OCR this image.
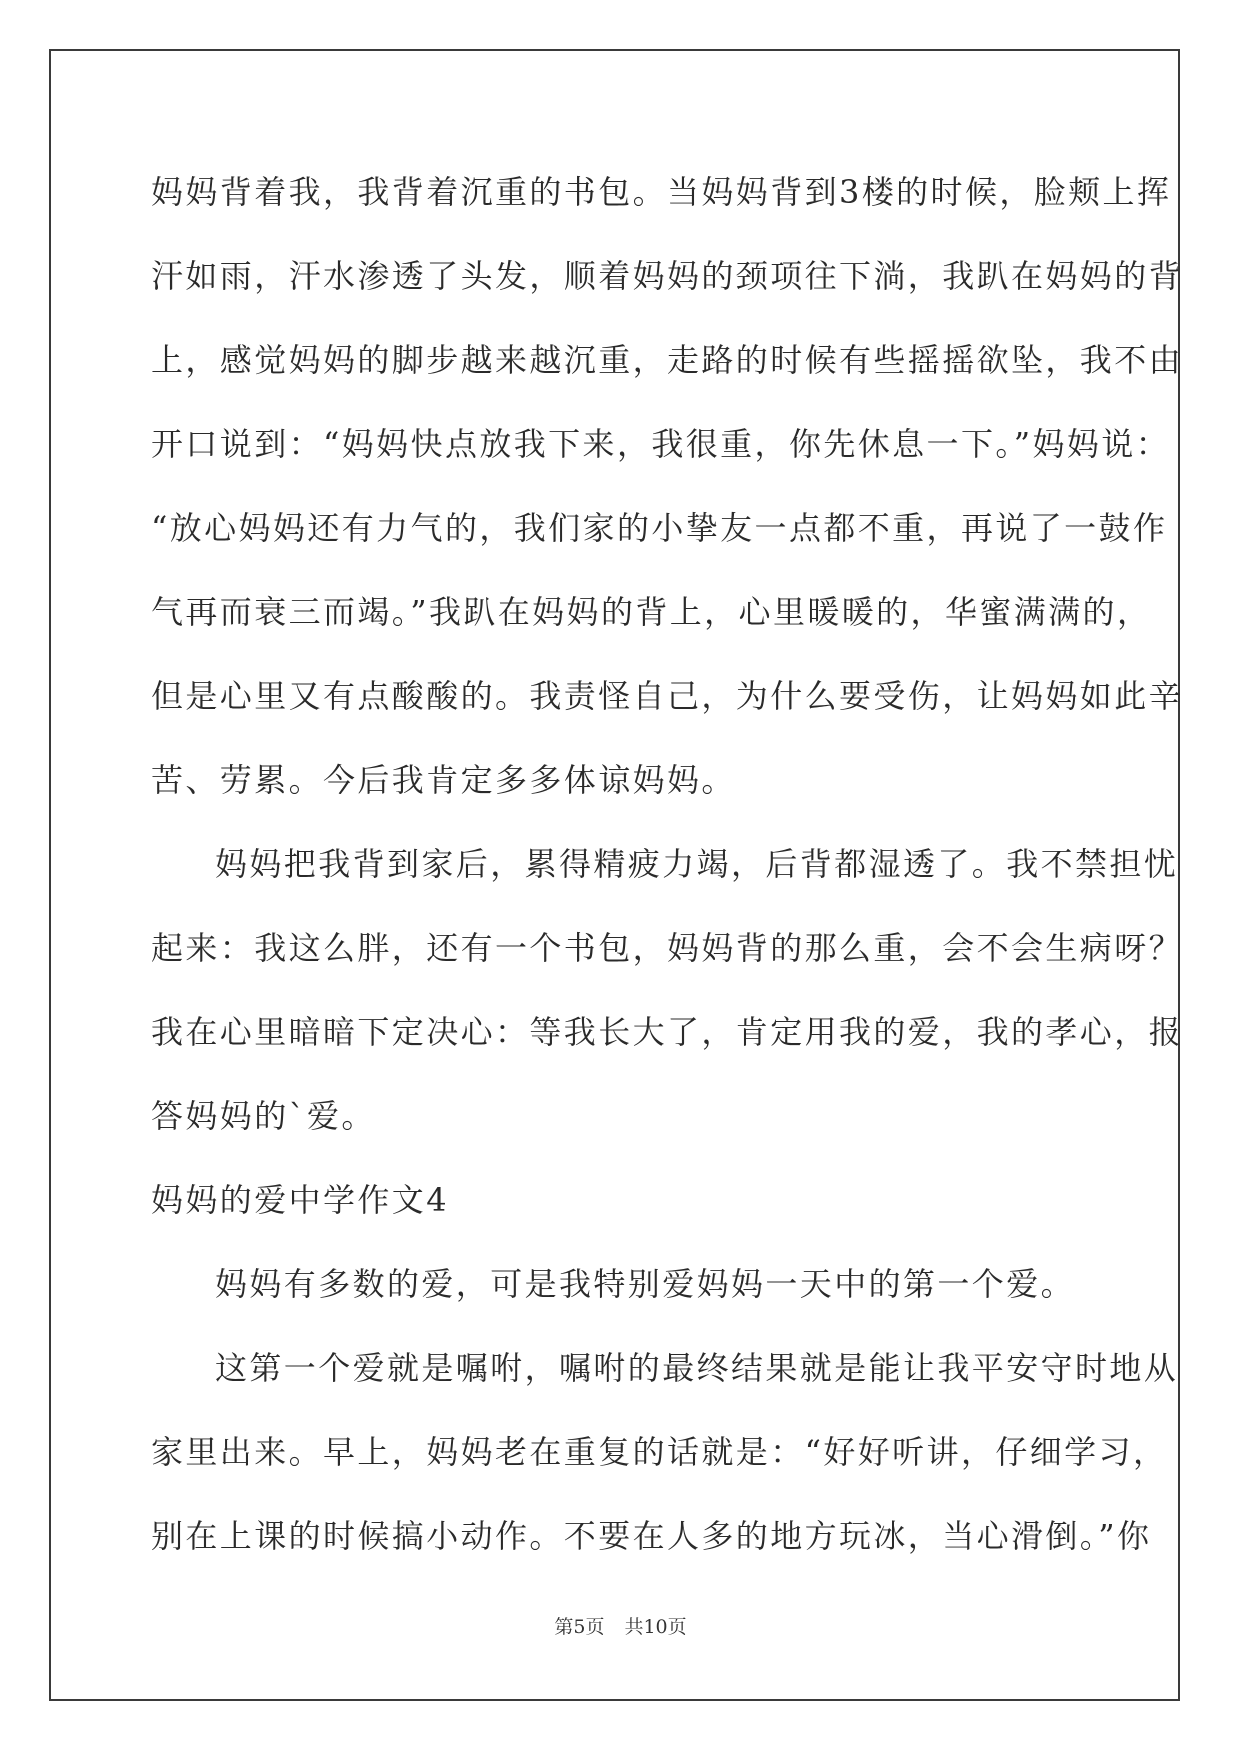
妈妈背着我，我背着沉重的书包。当妈妈背到3楼的时候，脸颊上挥
汗如雨，汗水渗透了头发，顺着妈妈的颈项往下淌，我趴在妈妈的背
上，感觉妈妈的脚步越来越沉重，走路的时候有些摇摇欲坠，我不由
开口说到：“妈妈快点放我下来，我很重，你先休息一下。”妈妈说：
“放心妈妈还有力气的，我们家的小挚友一点都不重，再说了一鼓作
气再而衰三而竭。”我趴在妈妈的背上，心里暖暖的，华蜜满满的，
但是心里又有点酸酸的。我责怪自己，为什么要受伤，让妈妈如此辛
苦、劳累。今后我肯定多多体谅妈妈。
妈妈把我背到家后，累得精疲力竭，后背都湿透了。我不禁担忧
起来：我这么胖，还有一个书包，妈妈背的那么重，会不会生病呀？
我在心里暗暗下定决心：等我长大了，肯定用我的爱，我的孝心，报
答妈妈的`爱。
妈妈的爱中学作文4
妈妈有多数的爱，可是我特别爱妈妈一天中的第一个爱。
这第一个爱就是嘱咐，嘱咐的最终结果就是能让我平安守时地从
家里出来。早上，妈妈老在重复的话就是：“好好听讲，仔细学习，
别在上课的时候搞小动作。不要在人多的地方玩冰，当心滑倒。”你
第5页 共10页
